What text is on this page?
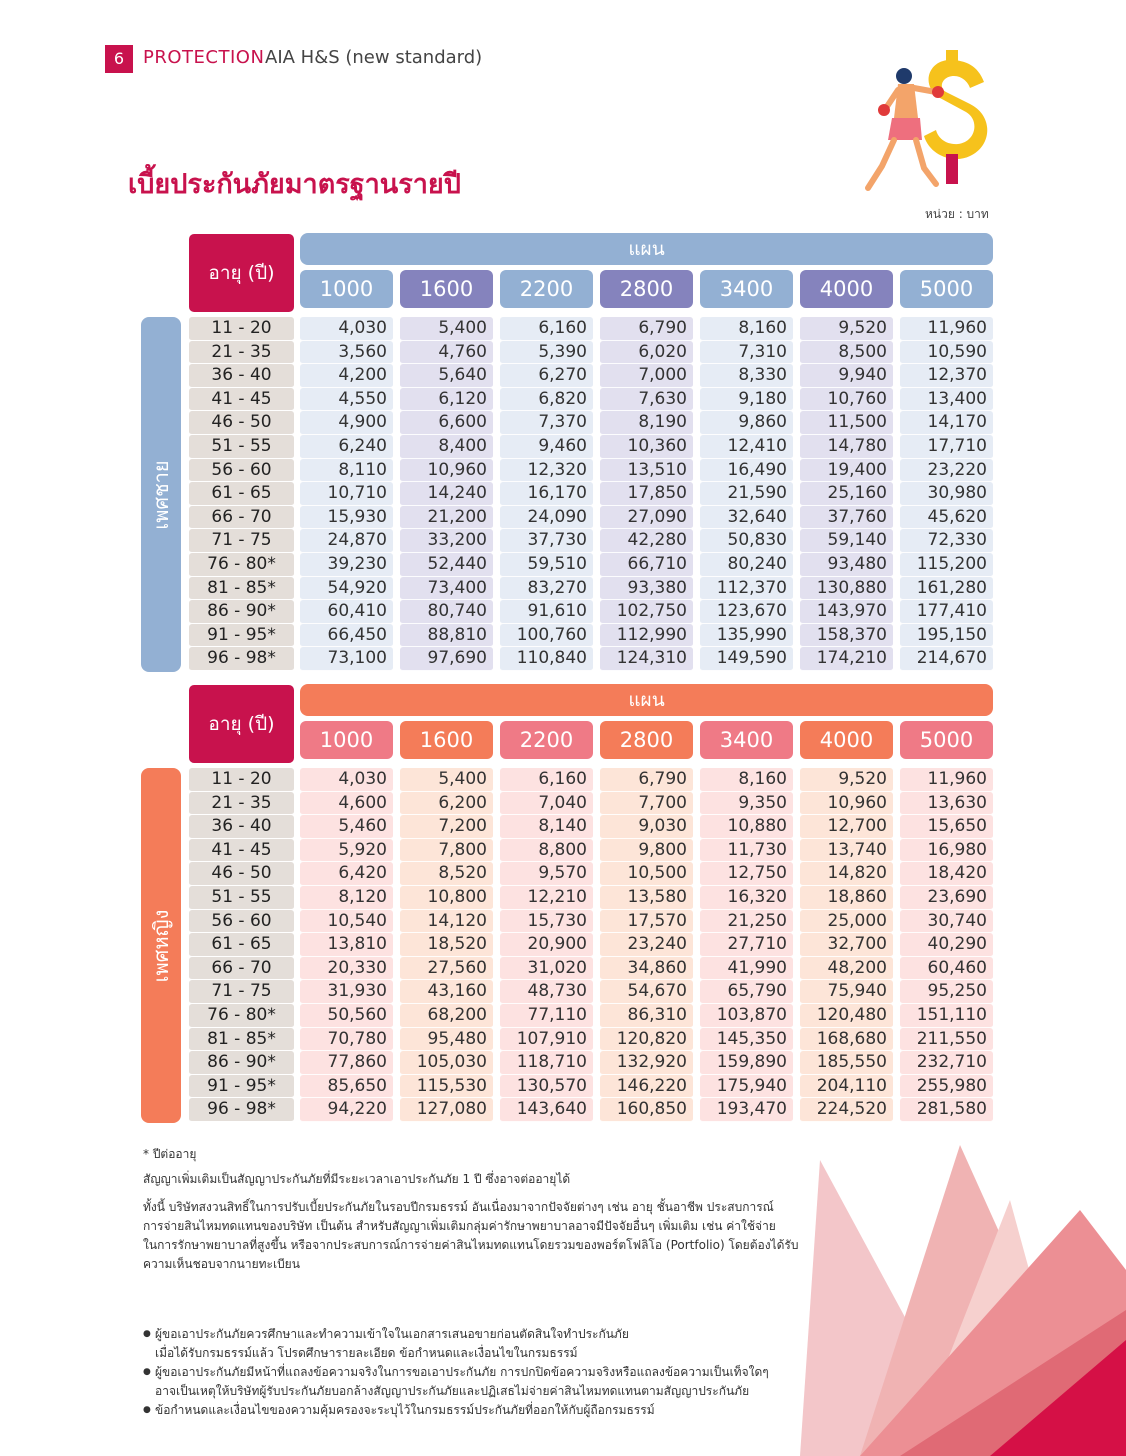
6	PROTECTION AIA H&S (new standard)
เบี้ยประกันภัยมาตรฐานรายปี
หน่วย : บาท
อายุ (ปี)
แผน
1000	1600	2200	2800	3400	4000	5000
เพศชาย
11 - 20	4,030	5,400	6,160	6,790	8,160	9,520	11,960
21 - 35	3,560	4,760	5,390	6,020	7,310	8,500	10,590
36 - 40	4,200	5,640	6,270	7,000	8,330	9,940	12,370
41 - 45	4,550	6,120	6,820	7,630	9,180	10,760	13,400
46 - 50	4,900	6,600	7,370	8,190	9,860	11,500	14,170
51 - 55	6,240	8,400	9,460	10,360	12,410	14,780	17,710
56 - 60	8,110	10,960	12,320	13,510	16,490	19,400	23,220
61 - 65	10,710	14,240	16,170	17,850	21,590	25,160	30,980
66 - 70	15,930	21,200	24,090	27,090	32,640	37,760	45,620
71 - 75	24,870	33,200	37,730	42,280	50,830	59,140	72,330
76 - 80*	39,230	52,440	59,510	66,710	80,240	93,480	115,200
81 - 85*	54,920	73,400	83,270	93,380	112,370	130,880	161,280
86 - 90*	60,410	80,740	91,610	102,750	123,670	143,970	177,410
91 - 95*	66,450	88,810	100,760	112,990	135,990	158,370	195,150
96 - 98*	73,100	97,690	110,840	124,310	149,590	174,210	214,670
อายุ (ปี)
แผน
1000	1600	2200	2800	3400	4000	5000
เพศหญิง
11 - 20	4,030	5,400	6,160	6,790	8,160	9,520	11,960
21 - 35	4,600	6,200	7,040	7,700	9,350	10,960	13,630
36 - 40	5,460	7,200	8,140	9,030	10,880	12,700	15,650
41 - 45	5,920	7,800	8,800	9,800	11,730	13,740	16,980
46 - 50	6,420	8,520	9,570	10,500	12,750	14,820	18,420
51 - 55	8,120	10,800	12,210	13,580	16,320	18,860	23,690
56 - 60	10,540	14,120	15,730	17,570	21,250	25,000	30,740
61 - 65	13,810	18,520	20,900	23,240	27,710	32,700	40,290
66 - 70	20,330	27,560	31,020	34,860	41,990	48,200	60,460
71 - 75	31,930	43,160	48,730	54,670	65,790	75,940	95,250
76 - 80*	50,560	68,200	77,110	86,310	103,870	120,480	151,110
81 - 85*	70,780	95,480	107,910	120,820	145,350	168,680	211,550
86 - 90*	77,860	105,030	118,710	132,920	159,890	185,550	232,710
91 - 95*	85,650	115,530	130,570	146,220	175,940	204,110	255,980
96 - 98*	94,220	127,080	143,640	160,850	193,470	224,520	281,580
* ปีต่ออายุ
สัญญาเพิ่มเติมเป็นสัญญาประกันภัยที่มีระยะเวลาเอาประกันภัย 1 ปี ซึ่งอาจต่ออายุได้
ทั้งนี้ บริษัทสงวนสิทธิ์ในการปรับเบี้ยประกันภัยในรอบปีกรมธรรม์ อันเนื่องมาจากปัจจัยต่างๆ เช่น อายุ ชั้นอาชีพ ประสบการณ์
การจ่ายสินไหมทดแทนของบริษัท เป็นต้น สำหรับสัญญาเพิ่มเติมกลุ่มค่ารักษาพยาบาลอาจมีปัจจัยอื่นๆ เพิ่มเติม เช่น ค่าใช้จ่าย
ในการรักษาพยาบาลที่สูงขึ้น หรือจากประสบการณ์การจ่ายค่าสินไหมทดแทนโดยรวมของพอร์ตโฟลิโอ (Portfolio) โดยต้องได้รับ
ความเห็นชอบจากนายทะเบียน
● ผู้ขอเอาประกันภัยควรศึกษาและทำความเข้าใจในเอกสารเสนอขายก่อนตัดสินใจทำประกันภัย
เมื่อได้รับกรมธรรม์แล้ว โปรดศึกษารายละเอียด ข้อกำหนดและเงื่อนไขในกรมธรรม์
● ผู้ขอเอาประกันภัยมีหน้าที่แถลงข้อความจริงในการขอเอาประกันภัย การปกปิดข้อความจริงหรือแถลงข้อความเป็นเท็จใดๆ
อาจเป็นเหตุให้บริษัทผู้รับประกันภัยบอกล้างสัญญาประกันภัยและปฏิเสธไม่จ่ายค่าสินไหมทดแทนตามสัญญาประกันภัย
● ข้อกำหนดและเงื่อนไขของความคุ้มครองจะระบุไว้ในกรมธรรม์ประกันภัยที่ออกให้กับผู้ถือกรมธรรม์
